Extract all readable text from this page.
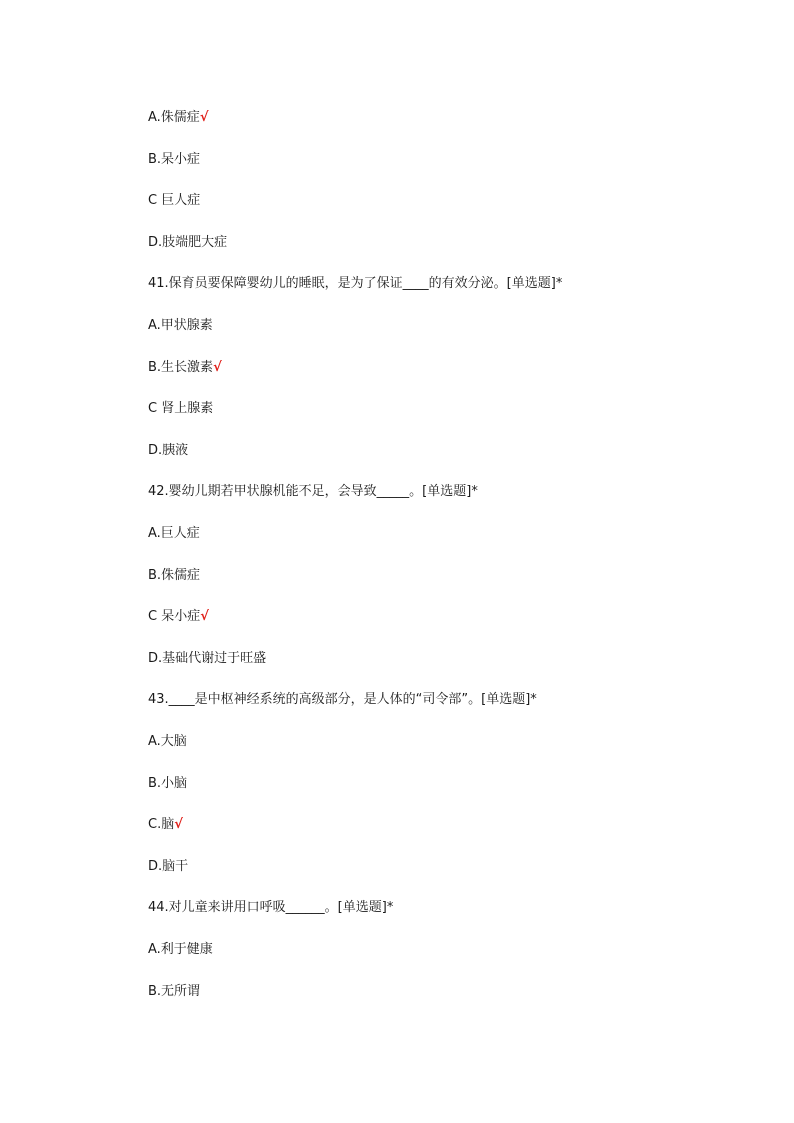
A.侏儒症√
B.呆小症
C 巨人症
D.肢端肥大症
41.保育员要保障婴幼儿的睡眠，是为了保证____的有效分泌。[单选题]*
A.甲状腺素
B.生长激素√
C 肾上腺素
D.胰液
42.婴幼儿期若甲状腺机能不足，会导致_____。[单选题]*
A.巨人症
B.侏儒症
C 呆小症√
D.基础代谢过于旺盛
43.____是中枢神经系统的高级部分，是人体的“司令部”。[单选题]*
A.大脑
B.小脑
C.脑√
D.脑干
44.对儿童来讲用口呼吸______。[单选题]*
A.利于健康
B.无所谓
